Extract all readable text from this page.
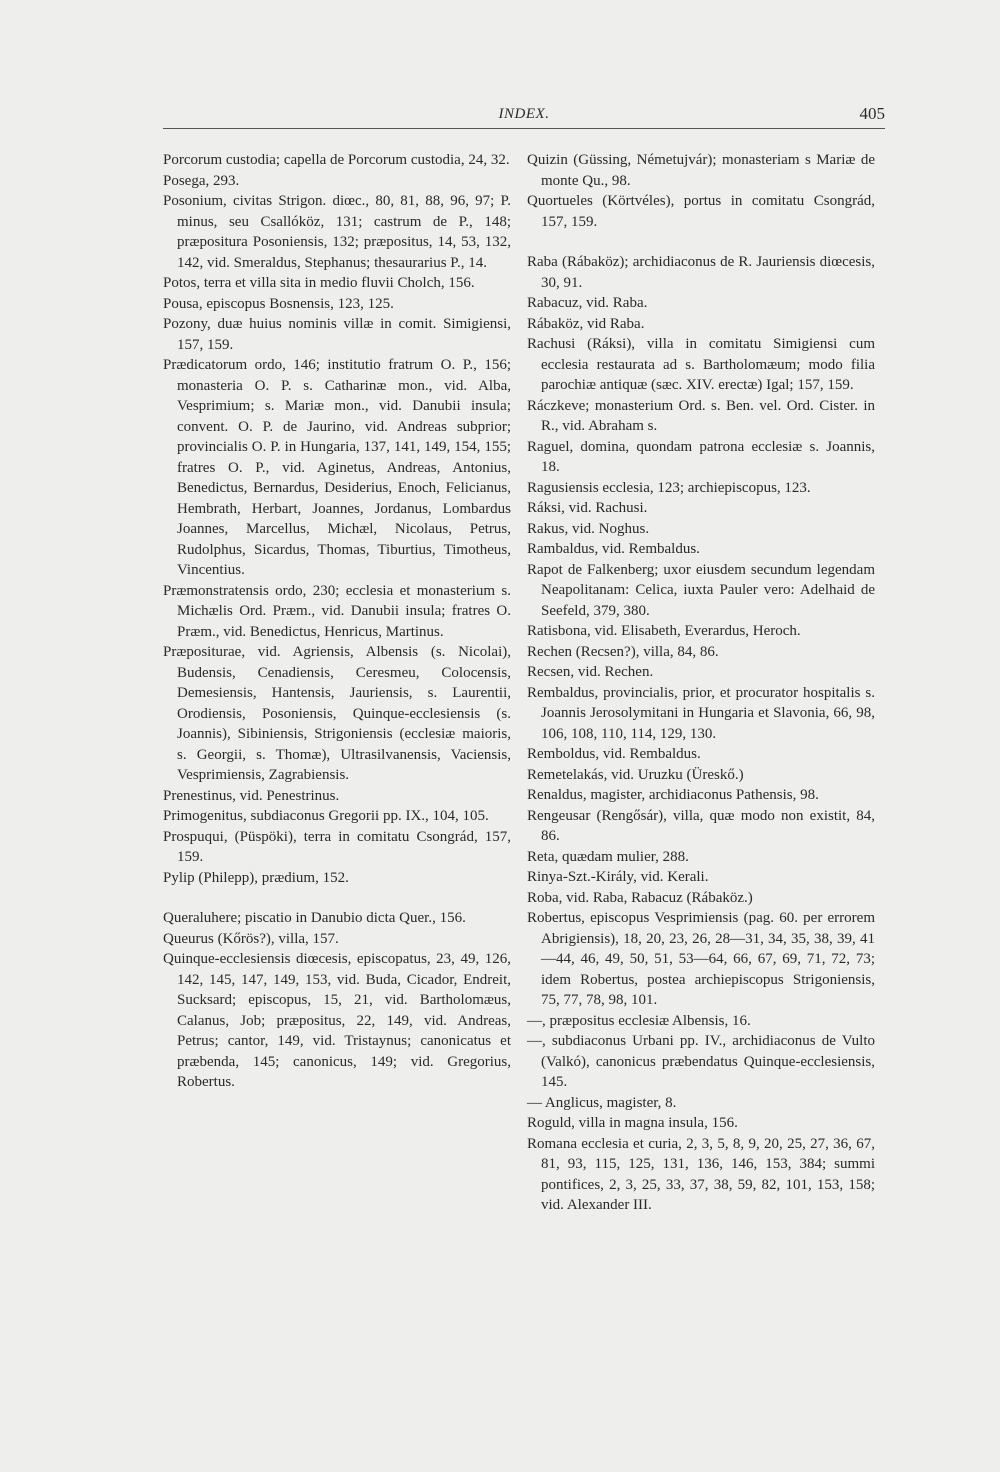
INDEX.	405

Porcorum custodia; capella de Porcorum custodia, 24, 32.

Posega, 293.

Posonium, civitas Strigon. diœc., 80, 81, 88, 96, 97; P. minus, seu Csallóköz, 131; castrum de P., 148; præpositura Posoniensis, 132; præpositus, 14, 53, 132, 142, vid. Smeraldus, Stephanus; thesaurarius P., 14.

Potos, terra et villa sita in medio fluvii Cholch, 156.

Pousa, episcopus Bosnensis, 123, 125.

Pozony, duæ huius nominis villæ in comit. Simigiensi, 157, 159.

Prædicatorum ordo, 146; institutio fratrum O. P., 156; monasteria O. P. s. Catharinæ mon., vid. Alba, Vesprimium; s. Mariæ mon., vid. Danubii insula; convent. O. P. de Jaurino, vid. Andreas subprior; provincialis O. P. in Hungaria, 137, 141, 149, 154, 155; fratres O. P., vid. Aginetus, Andreas, Antonius, Benedictus, Bernardus, Desiderius, Enoch, Felicianus, Hembrath, Herbart, Joannes, Jordanus, Lombardus Joannes, Marcellus, Michæl, Nicolaus, Petrus, Rudolphus, Sicardus, Thomas, Tiburtius, Timotheus, Vincentius.

Præmonstratensis ordo, 230; ecclesia et monasterium s. Michælis Ord. Præm., vid. Danubii insula; fratres O. Præm., vid. Benedictus, Henricus, Martinus.

Præpositurae, vid. Agriensis, Albensis (s. Nicolai), Budensis, Cenadiensis, Ceresmeu, Colocensis, Demesiensis, Hantensis, Jauriensis, s. Laurentii, Orodiensis, Posoniensis, Quinque-ecclesiensis (s. Joannis), Sibiniensis, Strigoniensis (ecclesiæ maioris, s. Georgii, s. Thomæ), Ultrasilvanensis, Vaciensis, Vesprimiensis, Zagrabiensis.

Prenestinus, vid. Penestrinus.

Primogenitus, subdiaconus Gregorii pp. IX., 104, 105.

Prospuqui, (Püspöki), terra in comitatu Csongrád, 157, 159.

Pylip (Philepp), prædium, 152.

Queraluhere; piscatio in Danubio dicta Quer., 156.

Queurus (Kőrös?), villa, 157.

Quinque-ecclesiensis diœcesis, episcopatus, 23, 49, 126, 142, 145, 147, 149, 153, vid. Buda, Cicador, Endreit, Sucksard; episcopus, 15, 21, vid. Bartholomæus, Calanus, Job; præpositus, 22, 149, vid. Andreas, Petrus; cantor, 149, vid. Tristaynus; canonicatus et præbenda, 145; canonicus, 149; vid. Gregorius, Robertus.

Quizin (Güssing, Németujvár); monasteriam s Mariæ de monte Qu., 98.

Quortueles (Körtvéles), portus in comitatu Csongrád, 157, 159.

Raba (Rábaköz); archidiaconus de R. Jauriensis diœcesis, 30, 91.

Rabacuz, vid. Raba.

Rábaköz, vid Raba.

Rachusi (Ráksi), villa in comitatu Simigiensi cum ecclesia restaurata ad s. Bartholomæum; modo filia parochiæ antiquæ (sæc. XIV. erectæ) Igal; 157, 159.

Ráczkeve; monasterium Ord. s. Ben. vel. Ord. Cister. in R., vid. Abraham s.

Raguel, domina, quondam patrona ecclesiæ s. Joannis, 18.

Ragusiensis ecclesia, 123; archiepiscopus, 123.

Ráksi, vid. Rachusi.

Rakus, vid. Noghus.

Rambaldus, vid. Rembaldus.

Rapot de Falkenberg; uxor eiusdem secundum legendam Neapolitanam: Celica, iuxta Pauler vero: Adelhaid de Seefeld, 379, 380.

Ratisbona, vid. Elisabeth, Everardus, Heroch.

Rechen (Recsen?), villa, 84, 86.

Recsen, vid. Rechen.

Rembaldus, provincialis, prior, et procurator hospitalis s. Joannis Jerosolymitani in Hungaria et Slavonia, 66, 98, 106, 108, 110, 114, 129, 130.

Remboldus, vid. Rembaldus.

Remetelakás, vid. Uruzku (Üreskő.)

Renaldus, magister, archidiaconus Pathensis, 98.

Rengeusar (Rengősár), villa, quæ modo non existit, 84, 86.

Reta, quædam mulier, 288.

Rinya-Szt.-Király, vid. Kerali.

Roba, vid. Raba, Rabacuz (Rábaköz.)

Robertus, episcopus Vesprimiensis (pag. 60. per errorem Abrigiensis), 18, 20, 23, 26, 28—31, 34, 35, 38, 39, 41—44, 46, 49, 50, 51, 53—64, 66, 67, 69, 71, 72, 73; idem Robertus, postea archiepiscopus Strigoniensis, 75, 77, 78, 98, 101.

—, præpositus ecclesiæ Albensis, 16.

—, subdiaconus Urbani pp. IV., archidiaconus de Vulto (Valkó), canonicus præbendatus Quinque-ecclesiensis, 145.

— Anglicus, magister, 8.

Roguld, villa in magna insula, 156.

Romana ecclesia et curia, 2, 3, 5, 8, 9, 20, 25, 27, 36, 67, 81, 93, 115, 125, 131, 136, 146, 153, 384; summi pontifices, 2, 3, 25, 33, 37, 38, 59, 82, 101, 153, 158; vid. Alexander III.
